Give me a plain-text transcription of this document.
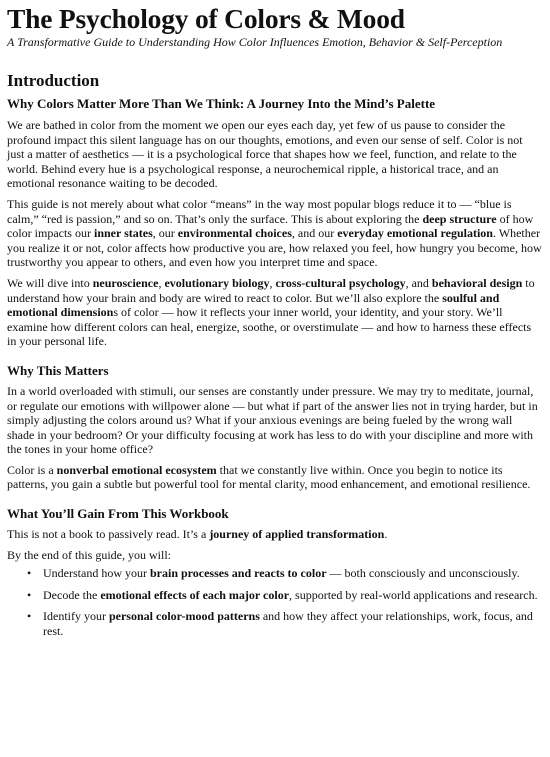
The Psychology of Colors & Mood
A Transformative Guide to Understanding How Color Influences Emotion, Behavior & Self-Perception
Introduction
Why Colors Matter More Than We Think: A Journey Into the Mind’s Palette

We are bathed in color from the moment we open our eyes each day, yet few of us pause to consider the profound impact this silent language has on our thoughts, emotions, and even our sense of self. Color is not just a matter of aesthetics — it is a psychological force that shapes how we feel, function, and relate to the world. Behind every hue is a psychological response, a neurochemical ripple, a historical trace, and an emotional resonance waiting to be decoded.

This guide is not merely about what color “means” in the way most popular blogs reduce it to — “blue is calm,” “red is passion,” and so on. That’s only the surface. This is about exploring the deep structure of how color impacts our inner states, our environmental choices, and our everyday emotional regulation. Whether you realize it or not, color affects how productive you are, how relaxed you feel, how hungry you become, how trustworthy you appear to others, and even how you interpret time and space.

We will dive into neuroscience, evolutionary biology, cross-cultural psychology, and behavioral design to understand how your brain and body are wired to react to color. But we’ll also explore the soulful and emotional dimensions of color — how it reflects your inner world, your identity, and your story. We’ll examine how different colors can heal, energize, soothe, or overstimulate — and how to harness these effects in your personal life.

Why This Matters

In a world overloaded with stimuli, our senses are constantly under pressure. We may try to meditate, journal, or regulate our emotions with willpower alone — but what if part of the answer lies not in trying harder, but in simply adjusting the colors around us? What if your anxious evenings are being fueled by the wrong wall shade in your bedroom? Or your difficulty focusing at work has less to do with your discipline and more with the tones in your home office?

Color is a nonverbal emotional ecosystem that we constantly live within. Once you begin to notice its patterns, you gain a subtle but powerful tool for mental clarity, mood enhancement, and emotional resilience.

What You’ll Gain From This Workbook

This is not a book to passively read. It’s a journey of applied transformation.

By the end of this guide, you will:

• Understand how your brain processes and reacts to color — both consciously and unconsciously.
• Decode the emotional effects of each major color, supported by real-world applications and research.
• Identify your personal color-mood patterns and how they affect your relationships, work, focus, and rest.
